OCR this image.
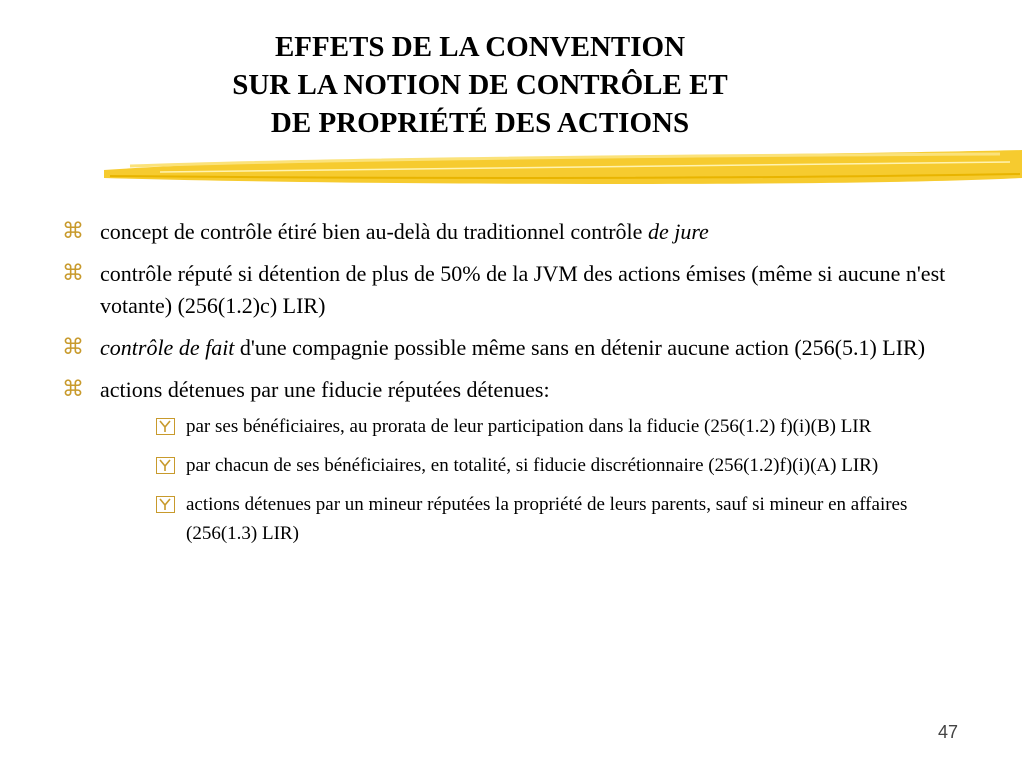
EFFETS DE LA CONVENTION
SUR LA NOTION DE CONTRÔLE ET
DE PROPRIÉTÉ DES ACTIONS
⌘ concept de contrôle étiré bien au-delà du traditionnel contrôle de jure
⌘ contrôle réputé si détention de plus de 50% de la JVM des actions émises (même si aucune n'est votante) (256(1.2)c) LIR)
⌘ contrôle de fait d'une compagnie possible même sans en détenir aucune action (256(5.1) LIR)
⌘ actions détenues par une fiducie réputées détenues:
par ses bénéficiaires, au prorata de leur participation dans la fiducie (256(1.2) f)(i)(B) LIR
par chacun de ses bénéficiaires, en totalité, si fiducie discrétionnaire (256(1.2)f)(i)(A) LIR)
actions détenues par un mineur réputées la propriété de leurs parents, sauf si mineur en affaires (256(1.3) LIR)
47
